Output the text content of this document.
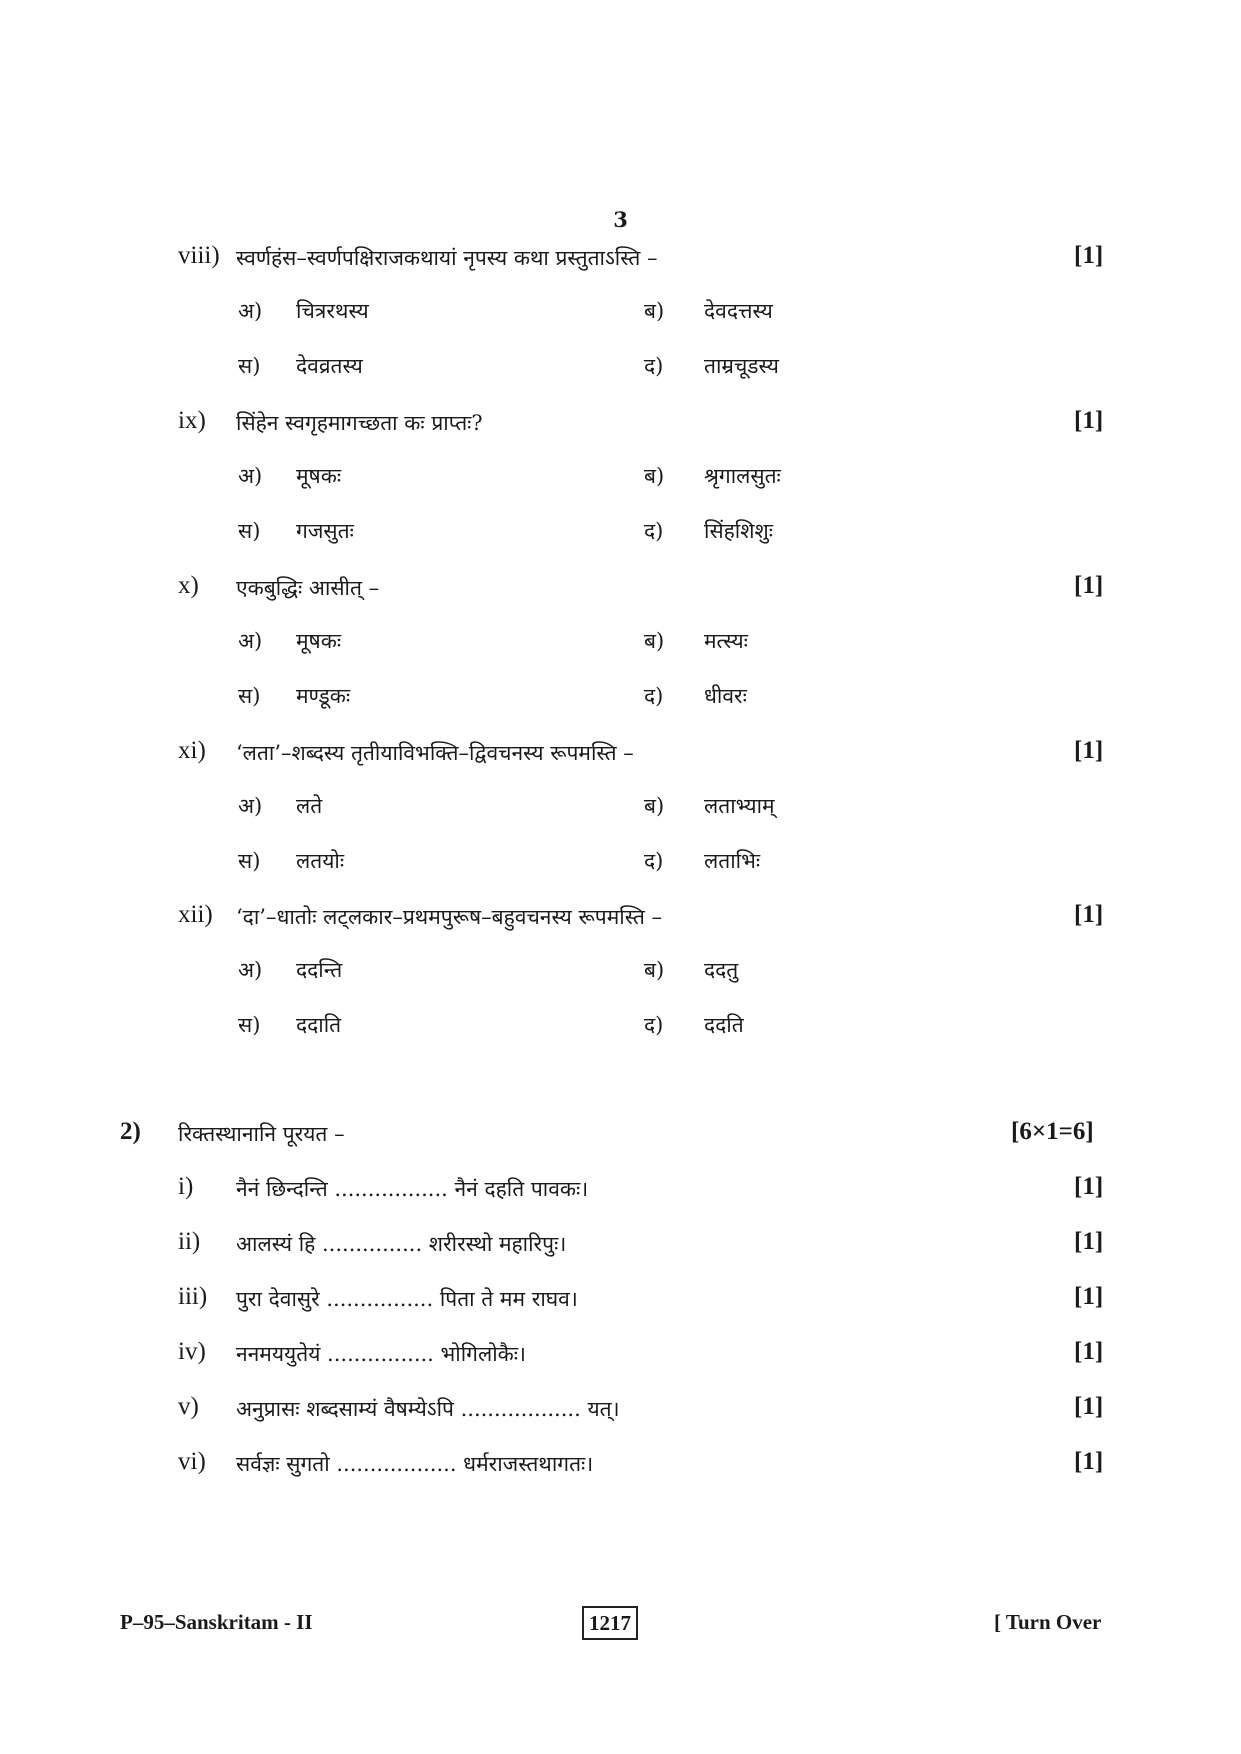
3
viii) स्वर्णहंस–स्वर्णपक्षिराजकथायां नृपस्य कथा प्रस्तुताऽस्ति –	[1]
अ) चित्ररथस्य	ब) देवदत्तस्य
स) देवव्रतस्य	द) ताम्रचूडस्य
ix) सिंहेन स्वगृहमागच्छता कः प्राप्तः?	[1]
अ) मूषकः	ब) श्रृगालसुतः
स) गजसुतः	द) सिंहशिशुः
x) एकबुद्धिः आसीत् –	[1]
अ) मूषकः	ब) मत्स्यः
स) मण्डूकः	द) धीवरः
xi) ‘लता’–शब्दस्य तृतीयाविभक्ति–द्विवचनस्य रूपमस्ति –	[1]
अ) लते	ब) लताभ्याम्
स) लतयोः	द) लताभिः
xii) ‘दा’–धातोः लट्लकार–प्रथमपुरूष–बहुवचनस्य रूपमस्ति –	[1]
अ) ददन्ति	ब) ददतु
स) ददाति	द) ददति
2) रिक्तस्थानानि पूरयत –	[6×1=6]
i) नैनं छिन्दन्ति ................. नैनं दहति पावकः।	[1]
ii) आलस्यं हि ............... शरीरस्थो महारिपुः।	[1]
iii) पुरा देवासुरे ................ पिता ते मम राघव।	[1]
iv) ननमययुतेयं ................ भोगिलोकैः।	[1]
v) अनुप्रासः शब्दसाम्यं वैषम्येऽपि .................. यत्।	[1]
vi) सर्वज्ञः सुगतो .................. धर्मराजस्तथागतः।	[1]
P–95–Sanskritam - II	1217	[ Turn Over
